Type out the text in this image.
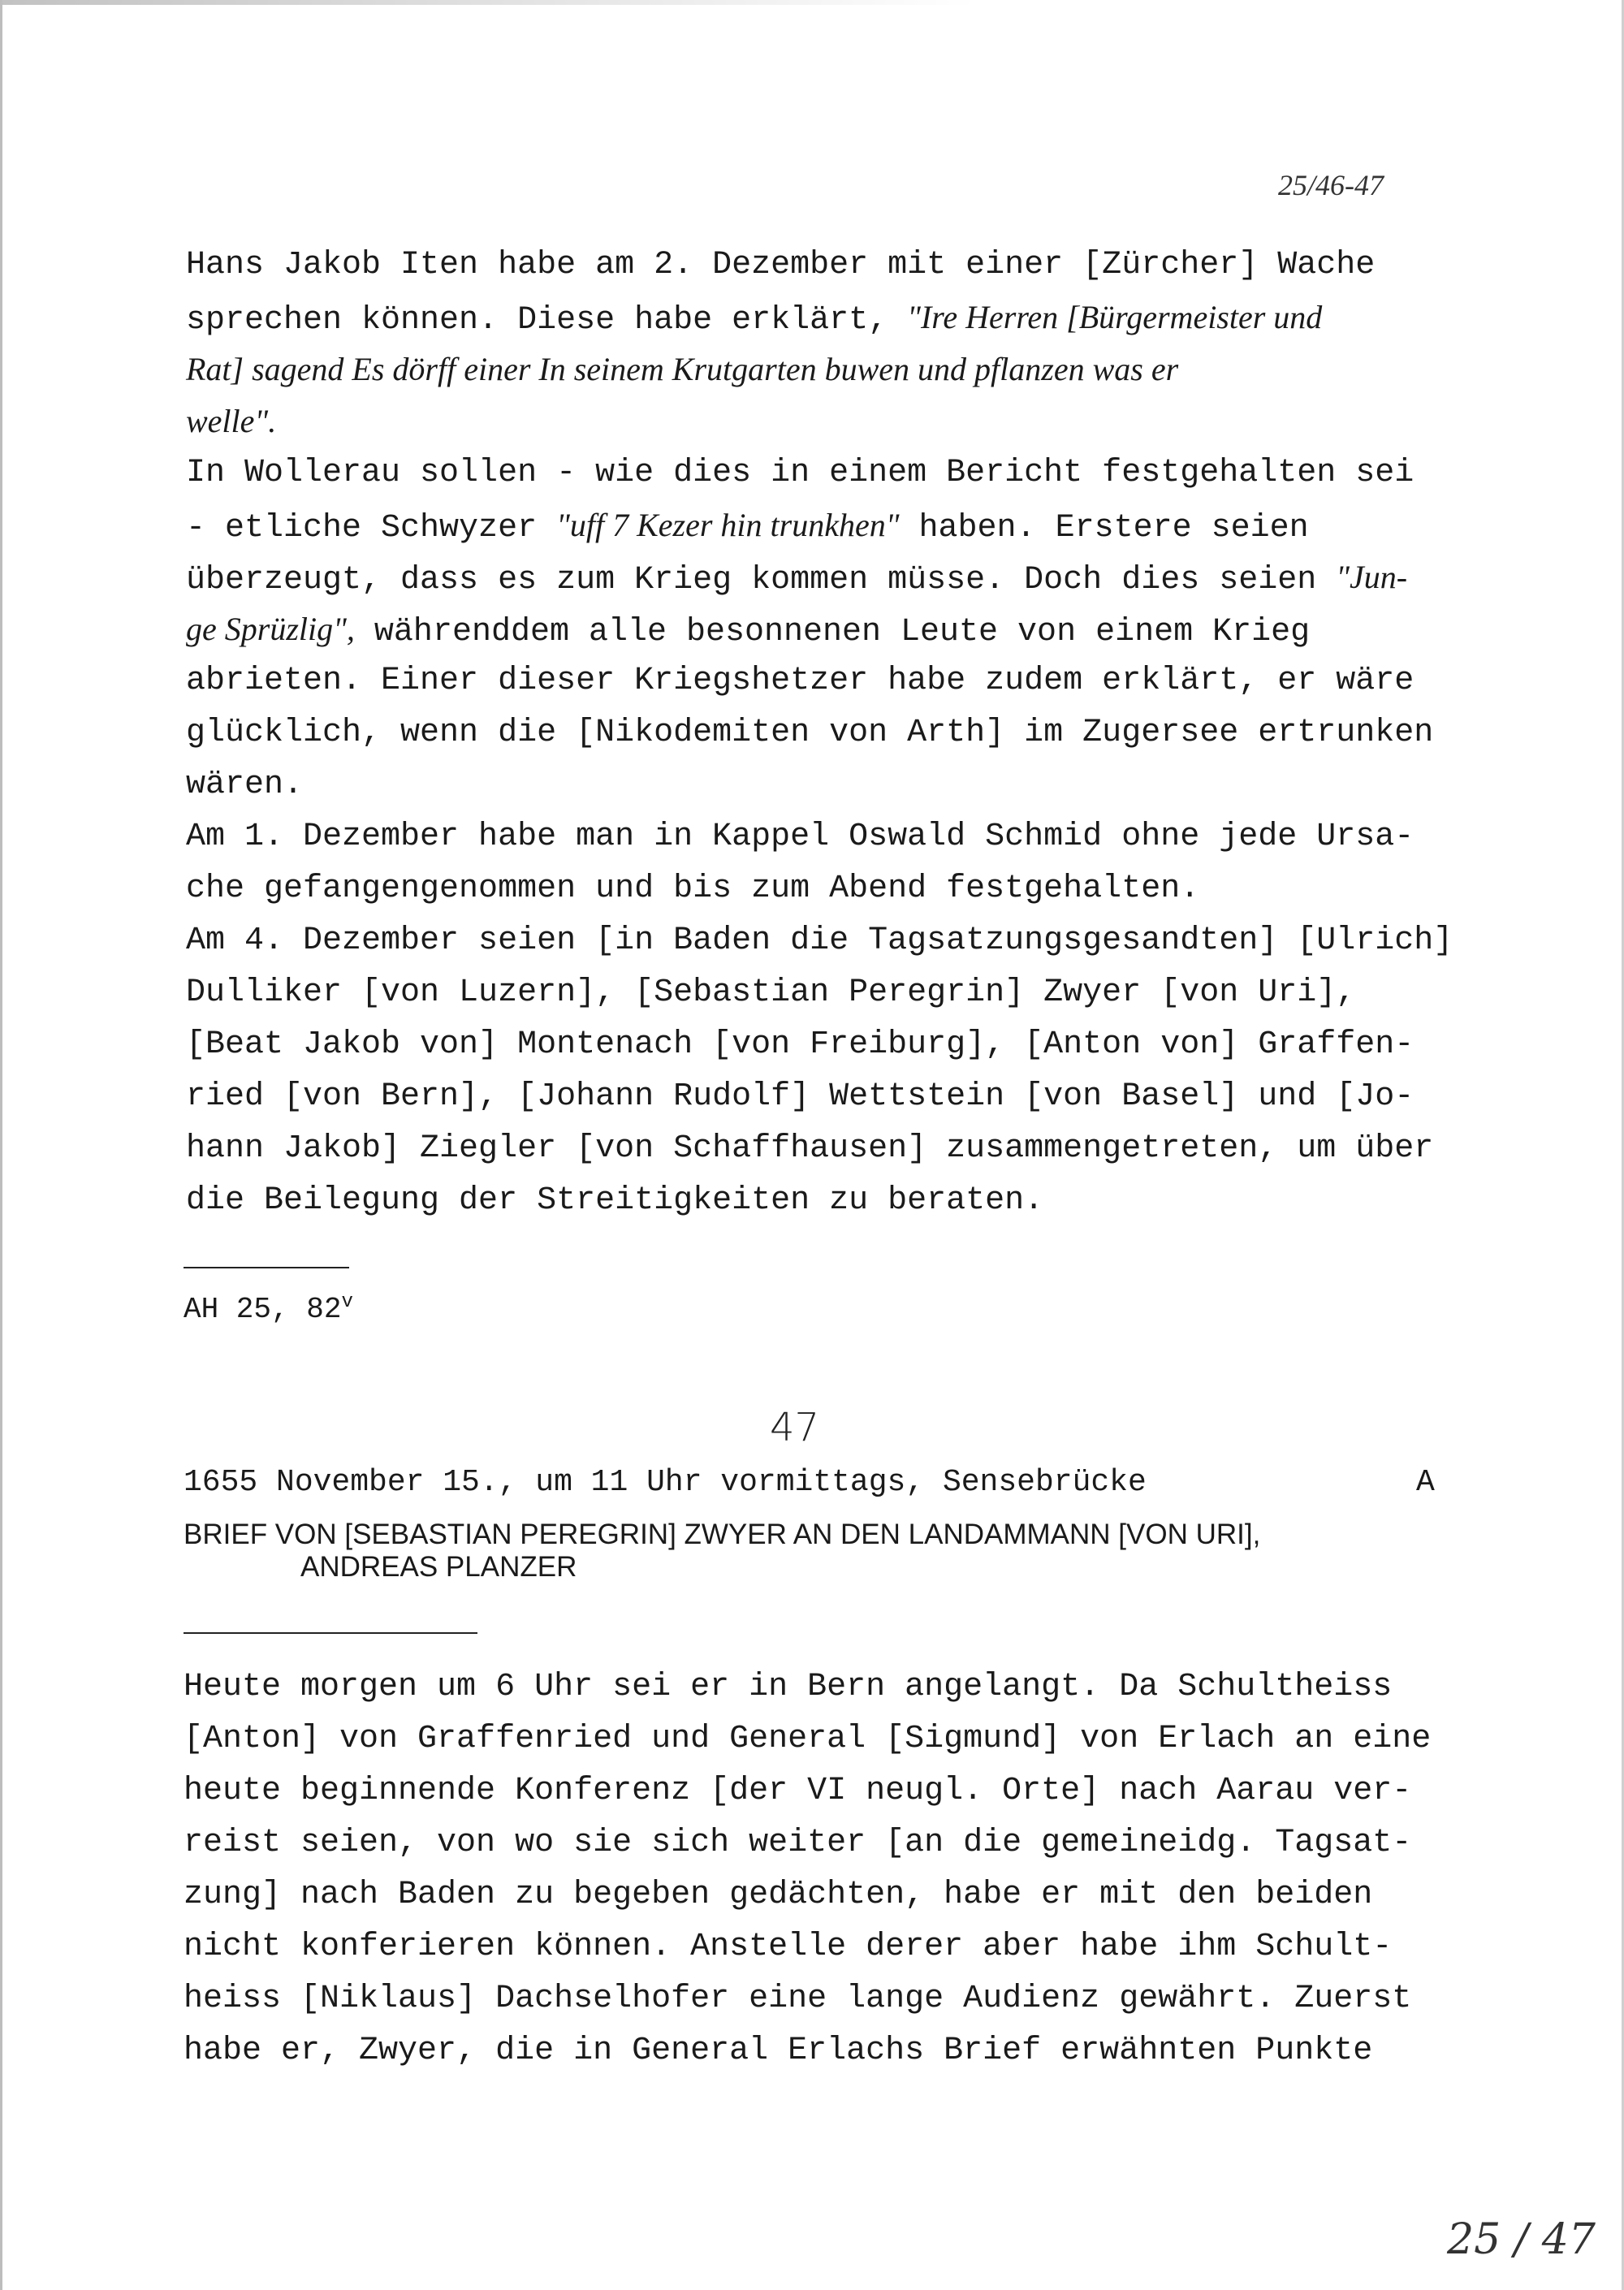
25/46-47
Hans Jakob Iten habe am 2. Dezember mit einer [Zürcher] Wache
sprechen können. Diese habe erklärt, "Ire Herren [Bürgermeister und
Rat] sagend Es dörff einer In seinem Krutgarten buwen und pflanzen was er
welle".
In Wollerau sollen - wie dies in einem Bericht festgehalten sei
- etliche Schwyzer "uff 7 Kezer hin trunkhen" haben. Erstere seien
überzeugt, dass es zum Krieg kommen müsse. Doch dies seien "Jun-
ge Sprüzlig", währenddem alle besonnenen Leute von einem Krieg
abrieten. Einer dieser Kriegshetzer habe zudem erklärt, er wäre
glücklich, wenn die [Nikodemiten von Arth] im Zugersee ertrunken
wären.
Am 1. Dezember habe man in Kappel Oswald Schmid ohne jede Ursa-
che gefangengenommen und bis zum Abend festgehalten.
Am 4. Dezember seien [in Baden die Tagsatzungsgesandten] [Ulrich]
Dulliker [von Luzern], [Sebastian Peregrin] Zwyer [von Uri],
[Beat Jakob von] Montenach [von Freiburg], [Anton von] Graffen-
ried [von Bern], [Johann Rudolf] Wettstein [von Basel] und [Jo-
hann Jakob] Ziegler [von Schaffhausen] zusammengetreten, um über
die Beilegung der Streitigkeiten zu beraten.
AH 25, 82$^v$
47
1655 November 15., um 11 Uhr vormittags, Sensebrücke	A
BRIEF VON [SEBASTIAN PEREGRIN] ZWYER AN DEN LANDAMMANN [VON URI],
ANDREAS PLANZER
Heute morgen um 6 Uhr sei er in Bern angelangt. Da Schultheiss
[Anton] von Graffenried und General [Sigmund] von Erlach an eine
heute beginnende Konferenz [der VI neugl. Orte] nach Aarau ver-
reist seien, von wo sie sich weiter [an die gemeineidg. Tagsat-
zung] nach Baden zu begeben gedächten, habe er mit den beiden
nicht konferieren können. Anstelle derer aber habe ihm Schult-
heiss [Niklaus] Dachselhofer eine lange Audienz gewährt. Zuerst
habe er, Zwyer, die in General Erlachs Brief erwähnten Punkte
25 / 47
